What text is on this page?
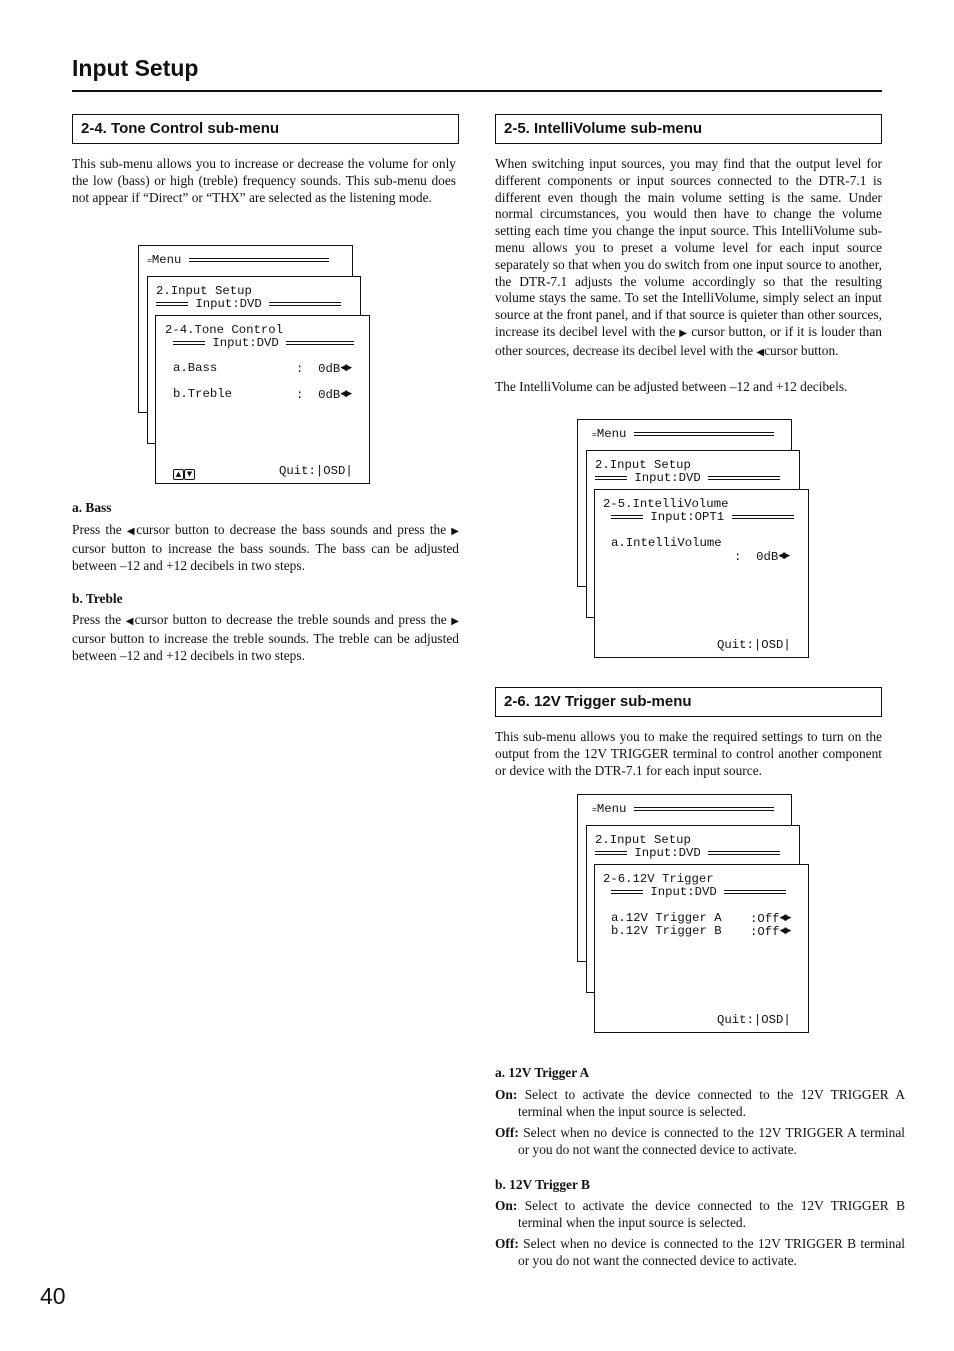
Input Setup
2-4. Tone Control sub-menu

This sub-menu allows you to increase or decrease the volume for only the low (bass) or high (treble) frequency sounds. This sub-menu does not appear if “Direct” or “THX” are selected as the listening mode.

=Menu
2.Input Setup
Input:DVD
2-4.Tone Control
Input:DVD
a.Bass	:  0dB◀▶
b.Treble	:  0dB◀▶
▲ ▼	Quit:|OSD|
a. Bass

Press the ◀cursor button to decrease the bass sounds and press the ▶ cursor button to increase the bass sounds. The bass can be adjusted between –12 and +12 decibels in two steps.

b. Treble

Press the ◀cursor button to decrease the treble sounds and press the ▶ cursor button to increase the treble sounds. The treble can be adjusted between –12 and +12 decibels in two steps.

2-5. IntelliVolume sub-menu

When switching input sources, you may find that the output level for different components or input sources connected to the DTR-7.1 is different even though the main volume setting is the same. Under normal circumstances, you would then have to change the volume setting each time you change the input source. This IntelliVolume sub-menu allows you to preset a volume level for each input source separately so that when you do switch from one input source to another, the DTR-7.1 adjusts the volume accordingly so that the resulting volume stays the same. To set the IntelliVolume, simply select an input source at the front panel, and if that source is quieter than other sources, increase its decibel level with the ▶ cursor button, or if it is louder than other sources, decrease its decibel level with the ◀cursor button.

The IntelliVolume can be adjusted between –12 and +12 decibels.

=Menu
2.Input Setup
Input:DVD
2-5.IntelliVolume
Input:OPT1
a.IntelliVolume
:  0dB◀▶
Quit:|OSD|
2-6. 12V Trigger sub-menu

This sub-menu allows you to make the required settings to turn on the output from the 12V TRIGGER terminal to control another component or device with the DTR-7.1 for each input source.

=Menu
2.Input Setup
Input:DVD
2-6.12V Trigger
Input:DVD
a.12V Trigger A :Off◀▶
b.12V Trigger B :Off◀▶
Quit:|OSD|
a. 12V Trigger A

On: Select to activate the device connected to the 12V TRIGGER A terminal when the input source is selected.

Off: Select when no device is connected to the 12V TRIGGER A terminal or you do not want the connected device to activate.

b. 12V Trigger B

On: Select to activate the device connected to the 12V TRIGGER B terminal when the input source is selected.

Off: Select when no device is connected to the 12V TRIGGER B terminal or you do not want the connected device to activate.

40
